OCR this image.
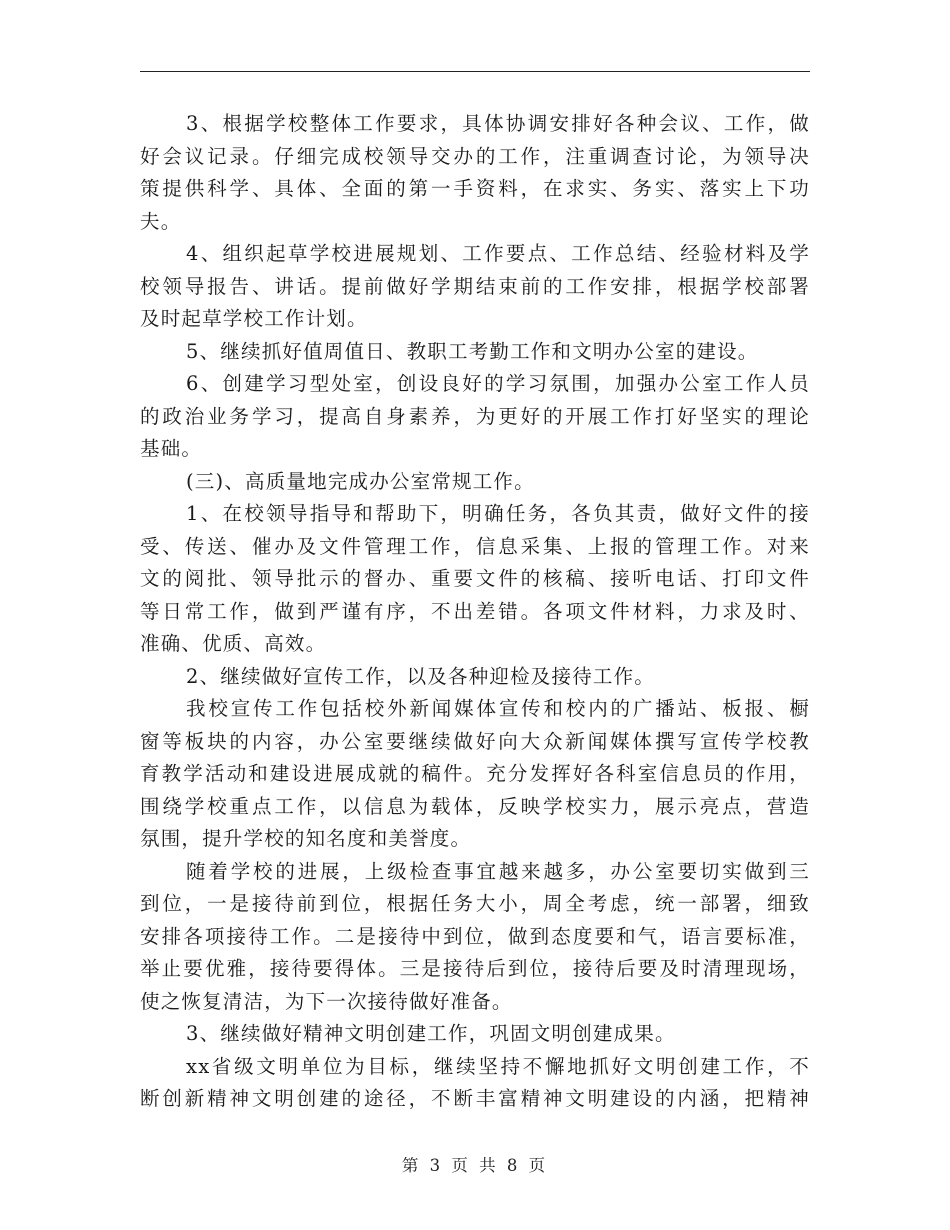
3、根据学校整体工作要求，具体协调安排好各种会议、工作，做
好会议记录。仔细完成校领导交办的工作，注重调查讨论，为领导决
策提供科学、具体、全面的第一手资料，在求实、务实、落实上下功
夫。
4、组织起草学校进展规划、工作要点、工作总结、经验材料及学
校领导报告、讲话。提前做好学期结束前的工作安排，根据学校部署
及时起草学校工作计划。
5、继续抓好值周值日、教职工考勤工作和文明办公室的建设。
6、创建学习型处室，创设良好的学习氛围，加强办公室工作人员
的政治业务学习，提高自身素养，为更好的开展工作打好坚实的理论
基础。
(三)、高质量地完成办公室常规工作。
1、在校领导指导和帮助下，明确任务，各负其责，做好文件的接
受、传送、催办及文件管理工作，信息采集、上报的管理工作。对来
文的阅批、领导批示的督办、重要文件的核稿、接听电话、打印文件
等日常工作，做到严谨有序，不出差错。各项文件材料，力求及时、
准确、优质、高效。
2、继续做好宣传工作，以及各种迎检及接待工作。
我校宣传工作包括校外新闻媒体宣传和校内的广播站、板报、橱
窗等板块的内容，办公室要继续做好向大众新闻媒体撰写宣传学校教
育教学活动和建设进展成就的稿件。充分发挥好各科室信息员的作用，
围绕学校重点工作，以信息为载体，反映学校实力，展示亮点，营造
氛围，提升学校的知名度和美誉度。
随着学校的进展，上级检查事宜越来越多，办公室要切实做到三
到位，一是接待前到位，根据任务大小，周全考虑，统一部署，细致
安排各项接待工作。二是接待中到位，做到态度要和气，语言要标准，
举止要优雅，接待要得体。三是接待后到位，接待后要及时清理现场，
使之恢复清洁，为下一次接待做好准备。
3、继续做好精神文明创建工作，巩固文明创建成果。
xx省级文明单位为目标，继续坚持不懈地抓好文明创建工作，不
断创新精神文明创建的途径，不断丰富精神文明建设的内涵，把精神
第 3 页 共 8 页
